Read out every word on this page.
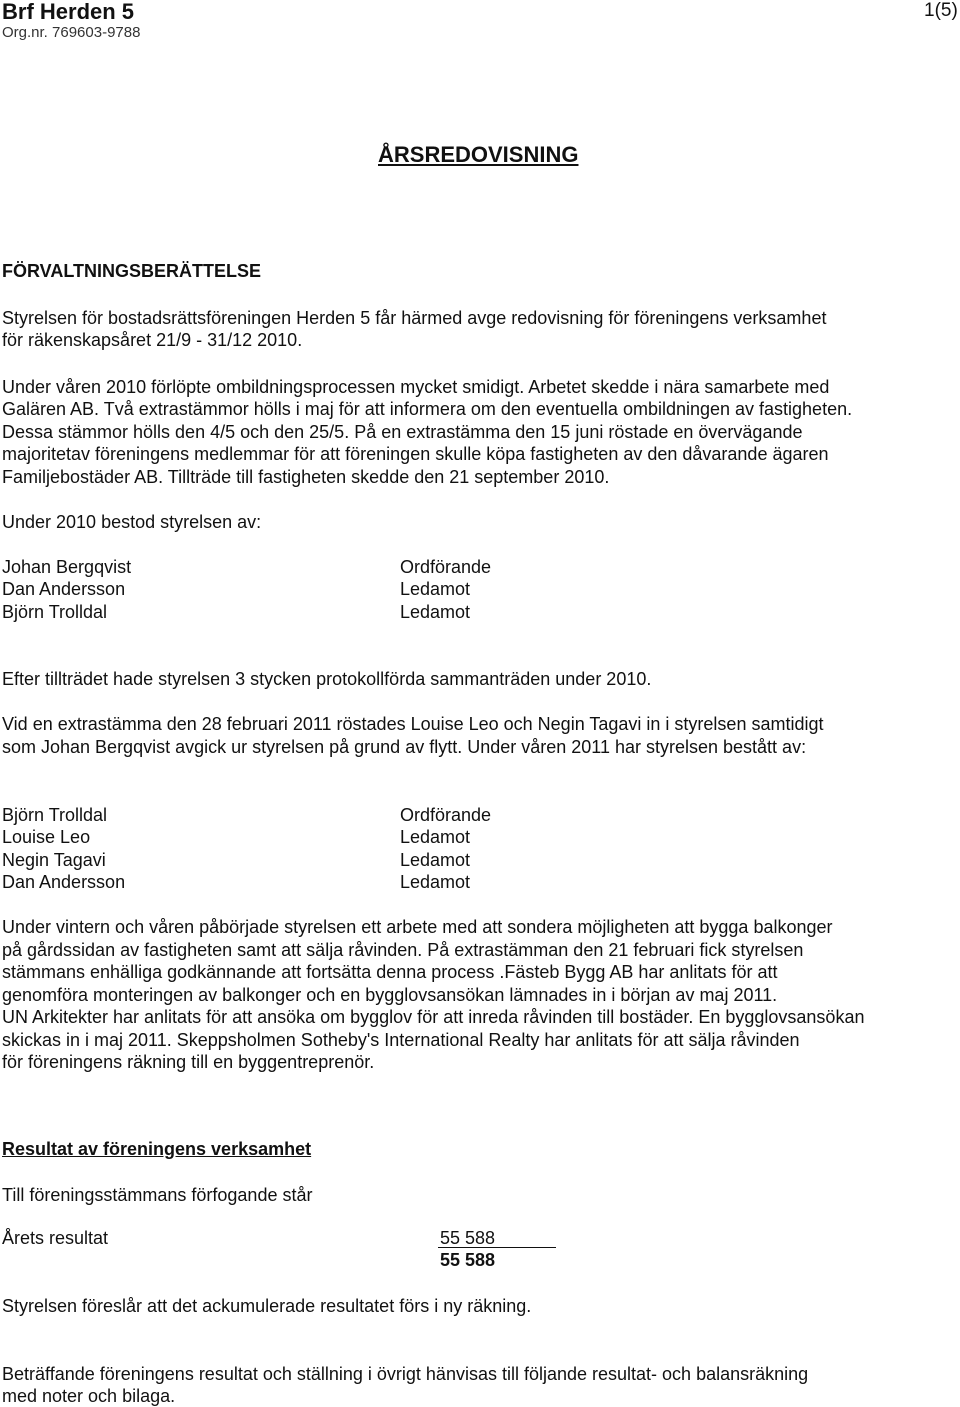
Brf Herden 5
Org.nr. 769603-9788
1(5)
ÅRSREDOVISNING
FÖRVALTNINGSBERÄTTELSE
Styrelsen för bostadsrättsföreningen Herden 5 får härmed avge redovisning för föreningens verksamhet
för räkenskapsåret 21/9 - 31/12 2010.
Under våren 2010 förlöpte ombildningsprocessen mycket smidigt. Arbetet skedde i nära samarbete med
Galären AB. Två extrastämmor hölls i maj för att informera om den eventuella ombildningen av fastigheten.
Dessa stämmor hölls den 4/5 och den 25/5. På en extrastämma den 15 juni röstade en övervägande
majoritetav föreningens medlemmar för att föreningen skulle köpa fastigheten av den dåvarande ägaren
Familjebostäder AB. Tillträde till fastigheten skedde den 21 september 2010.
Under 2010 bestod styrelsen av:
Johan Bergqvist	Ordförande
Dan Andersson	Ledamot
Björn Trolldal	Ledamot
Efter tillträdet hade styrelsen 3 stycken protokollförda sammanträden under 2010.
Vid en extrastämma den 28 februari 2011 röstades Louise Leo och Negin Tagavi in i styrelsen samtidigt
som Johan Bergqvist avgick ur styrelsen på grund av flytt. Under våren 2011 har styrelsen bestått av:
Björn Trolldal	Ordförande
Louise Leo	Ledamot
Negin Tagavi	Ledamot
Dan Andersson	Ledamot
Under vintern och våren påbörjade styrelsen ett arbete med att sondera möjligheten att bygga balkonger
på gårdssidan av fastigheten samt att sälja råvinden. På extrastämman den 21 februari fick styrelsen
stämmans enhälliga godkännande att fortsätta denna process .Fästeb Bygg AB har anlitats för att
genomföra monteringen av balkonger och en bygglovsansökan lämnades in i början av maj 2011.
UN Arkitekter har anlitats för att ansöka om bygglov för att inreda råvinden till bostäder. En bygglovsansökan
skickas in i maj 2011. Skeppsholmen Sotheby's International Realty har anlitats för att sälja råvinden
för föreningens räkning till en byggentreprenör.
Resultat av föreningens verksamhet
Till föreningsstämmans förfogande står
Årets resultat	55 588
55 588
Styrelsen föreslår att det ackumulerade resultatet förs i ny räkning.
Beträffande föreningens resultat och ställning i övrigt hänvisas till följande resultat- och balansräkning
med noter och bilaga.
